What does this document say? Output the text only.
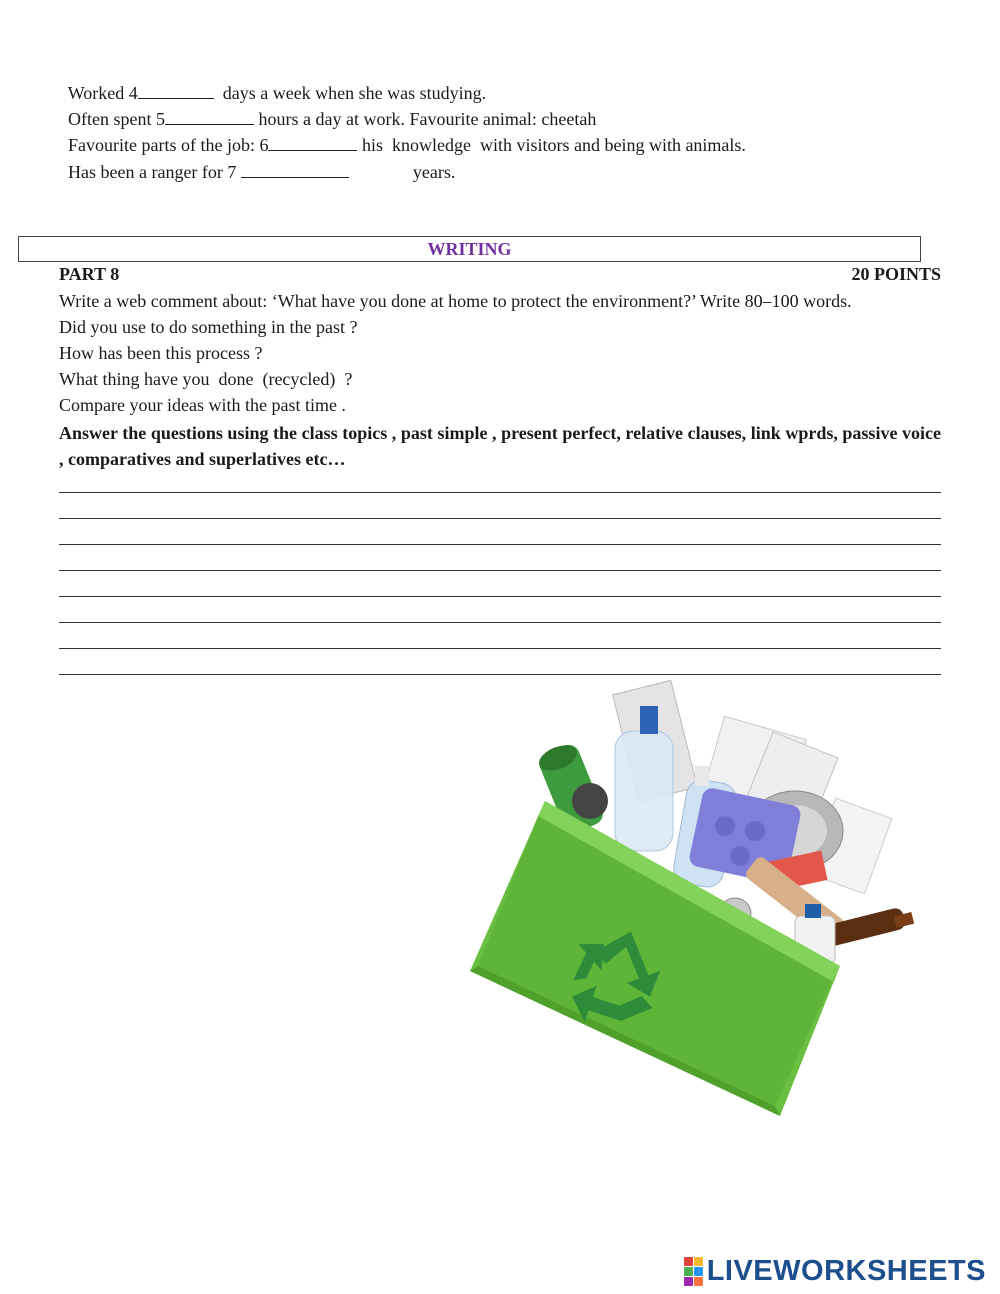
Worked 4	days a week when she was studying.

Often spent 5	hours a day at work. Favourite animal: cheetah

Favourite parts of the job: 6	his  knowledge  with visitors and being with animals.

Has been a ranger for 7	years.

WRITING
PART 8	20 POINTS
Write a web comment about: ‘What have you done at home to protect the environment?’ Write 80–100 words.
Did you use to do something in the past ?
How has been this process ?
What thing have you  done  (recycled)  ?
Compare your ideas with the past time .
Answer the questions using the class topics , past simple , present perfect, relative clauses, link wprds, passive voice , comparatives and superlatives etc…
LIVEWORKSHEETS
